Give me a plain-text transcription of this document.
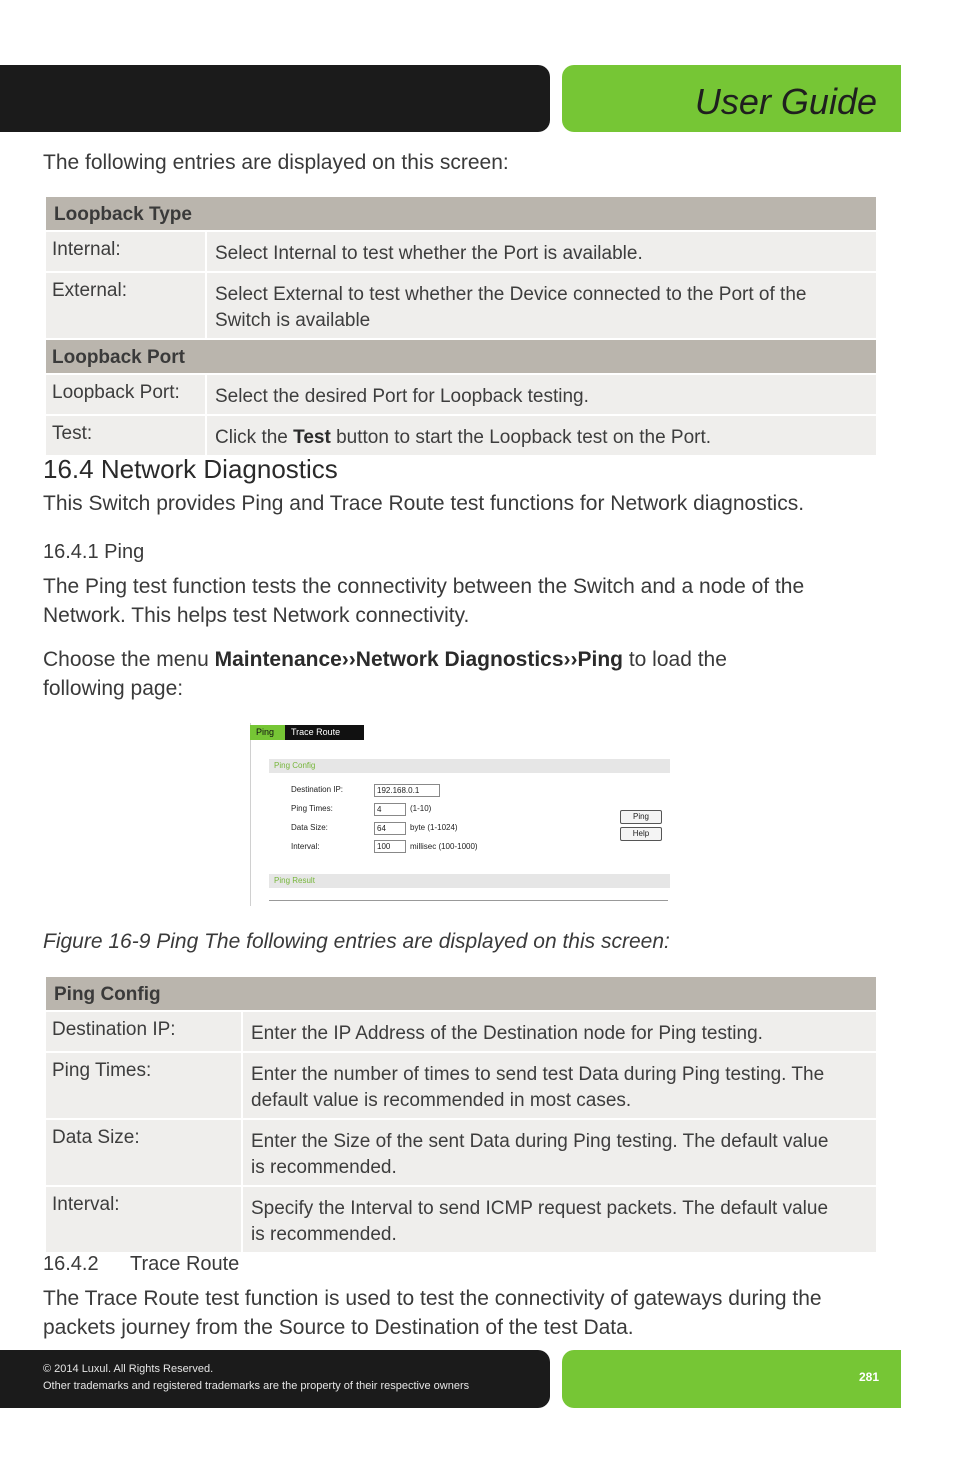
User Guide
The following entries are displayed on this screen:
Loopback Type	
Internal:	Select Internal to test whether the Port is available.
External:	Select External to test whether the Device connected to the Port of the Switch is available
Loopback Port	
Loopback Port:	Select the desired Port for Loopback testing.
Test:	Click the Test button to start the Loopback test on the Port.
16.4 Network Diagnostics
This Switch provides Ping and Trace Route test functions for Network diagnostics.
16.4.1 Ping
The Ping test function tests the connectivity between the Switch and a node of the Network. This helps test Network connectivity.
Choose the menu Maintenance››Network Diagnostics››Ping to load the following page:
Ping	Trace Route
Ping Config
Destination IP:	192.168.0.1
Ping Times:	4	(1-10)
Data Size:	64	byte (1-1024)
Interval:	100	millisec (100-1000)
Ping
Help
Ping Result
Figure 16-9 Ping The following entries are displayed on this screen:
Ping Config	
Destination IP:	Enter the IP Address of the Destination node for Ping testing.
Ping Times:	Enter the number of times to send test Data during Ping testing. The default value is recommended in most cases.
Data Size:	Enter the Size of the sent Data during Ping testing. The default value is recommended.
Interval:	Specify the Interval to send ICMP request packets. The default value is recommended.
16.4.2 Trace Route
The Trace Route test function is used to test the connectivity of gateways during the packets journey from the Source to Destination of the test Data.
© 2014 Luxul. All Rights Reserved.
Other trademarks and registered trademarks are the property of their respective owners
281
